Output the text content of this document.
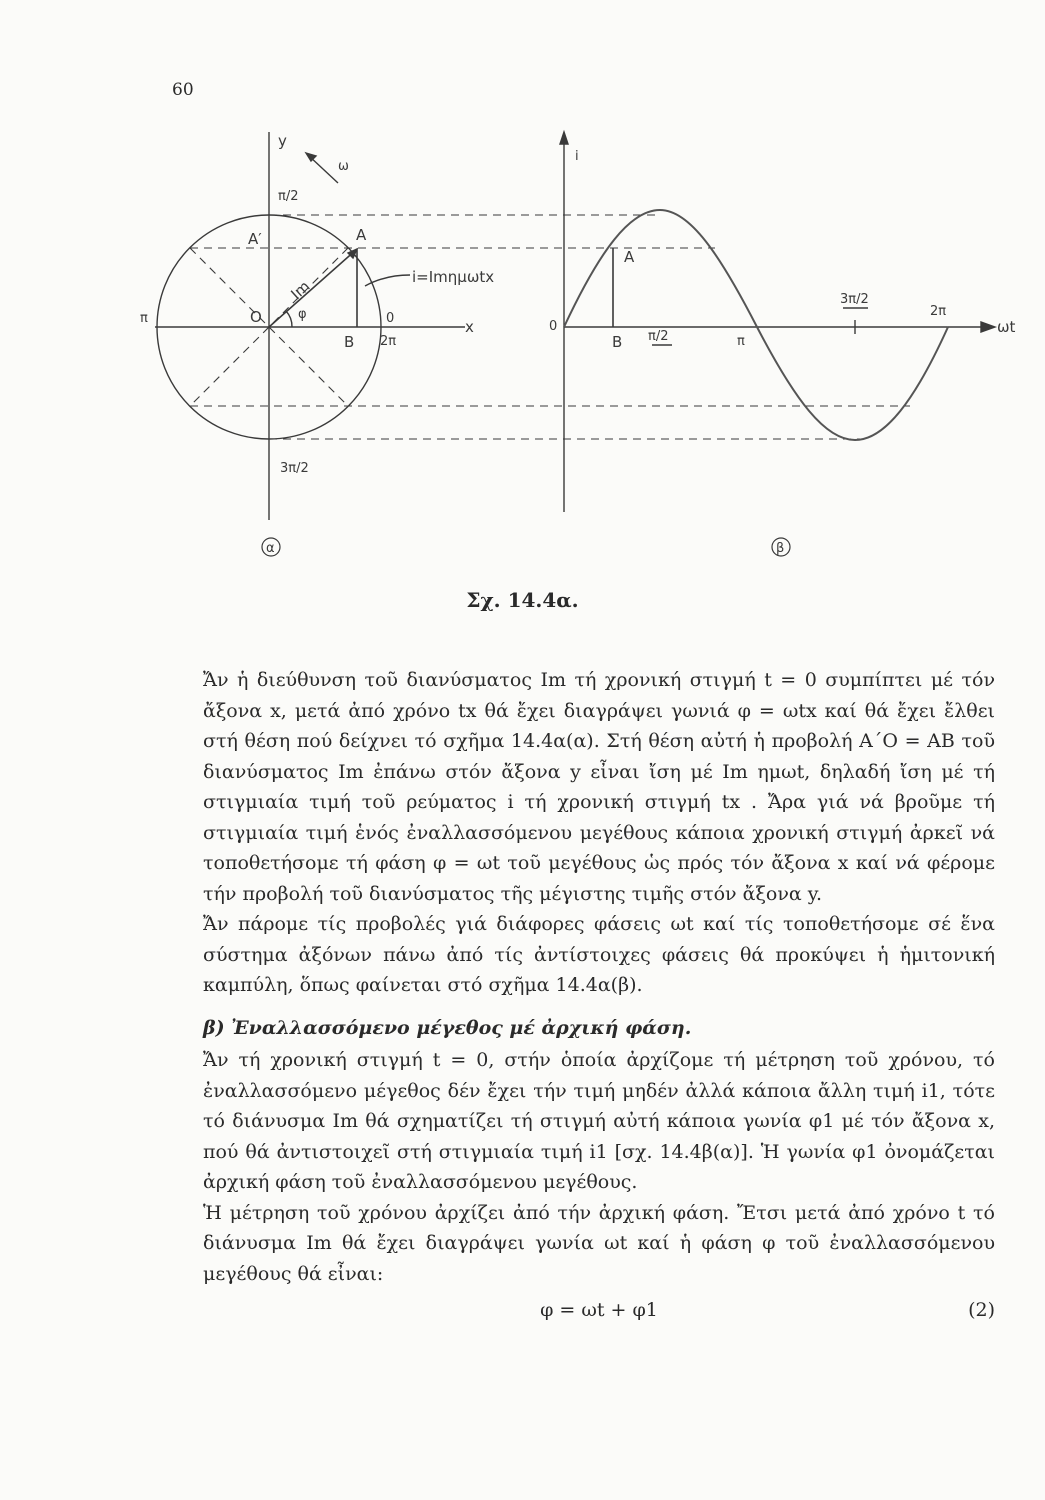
60
y
ω
π/2
A′	A
i=Imημωtx
Im
φ
π	O	0	x
B 2π
3π/2
i
A
0
B π/2	π
3π/2
2π
ωt
α	β
Σχ. 14.4α.

Ἄν ἡ διεύθυνση τοῦ διανύσματος Im τή χρονική στιγμή t = 0 συμπίπτει μέ τόν ἄξονα x, μετά ἀπό χρόνο tx θά ἔχει διαγράψει γωνιά φ = ωtx καί θά ἔχει ἔλθει στή θέση πού δείχνει τό σχῆμα 14.4α(α). Στή θέση αὐτή ἡ προβολή A΄O = AB τοῦ διανύσματος Im ἐπάνω στόν ἄξονα y εἶναι ἴση μέ Im ημωt, δηλαδή ἴση μέ τή στιγμιαία τιμή τοῦ ρεύματος i τή χρονική στιγμή tx . Ἄρα γιά νά βροῦμε τή στιγμιαία τιμή ἑνός ἐναλλασσόμενου μεγέθους κάποια χρονική στιγμή ἀρκεῖ νά τοποθετήσομε τή φάση φ = ωt τοῦ μεγέθους ὡς πρός τόν ἄξονα x καί νά φέρομε τήν προβολή τοῦ διανύσματος τῆς μέγιστης τιμῆς στόν ἄξονα y.

Ἄν πάρομε τίς προβολές γιά διάφορες φάσεις ωt καί τίς τοποθετήσομε σέ ἕνα σύστημα ἀξόνων πάνω ἀπό τίς ἀντίστοιχες φάσεις θά προκύψει ἡ ἡμιτονική καμπύλη, ὅπως φαίνεται στό σχῆμα 14.4α(β).

β) Ἐναλλασσόμενο μέγεθος μέ ἀρχική φάση.

Ἄν τή χρονική στιγμή t = 0, στήν ὁποία ἀρχίζομε τή μέτρηση τοῦ χρόνου, τό ἐναλλασσόμενο μέγεθος δέν ἔχει τήν τιμή μηδέν ἀλλά κάποια ἄλλη τιμή i1, τότε τό διάνυσμα Im θά σχηματίζει τή στιγμή αὐτή κάποια γωνία φ1 μέ τόν ἄξονα x, πού θά ἀντιστοιχεῖ στή στιγμιαία τιμή i1 [σχ. 14.4β(α)]. Ἡ γωνία φ1 ὀνομάζεται ἀρχική φάση τοῦ ἐναλλασσόμενου μεγέθους.

Ἡ μέτρηση τοῦ χρόνου ἀρχίζει ἀπό τήν ἀρχική φάση. Ἔτσι μετά ἀπό χρόνο t τό διάνυσμα Im θά ἔχει διαγράψει γωνία ωt καί ἡ φάση φ τοῦ ἐναλλασσόμενου μεγέθους θά εἶναι:

φ = ωt + φ1	(2)
